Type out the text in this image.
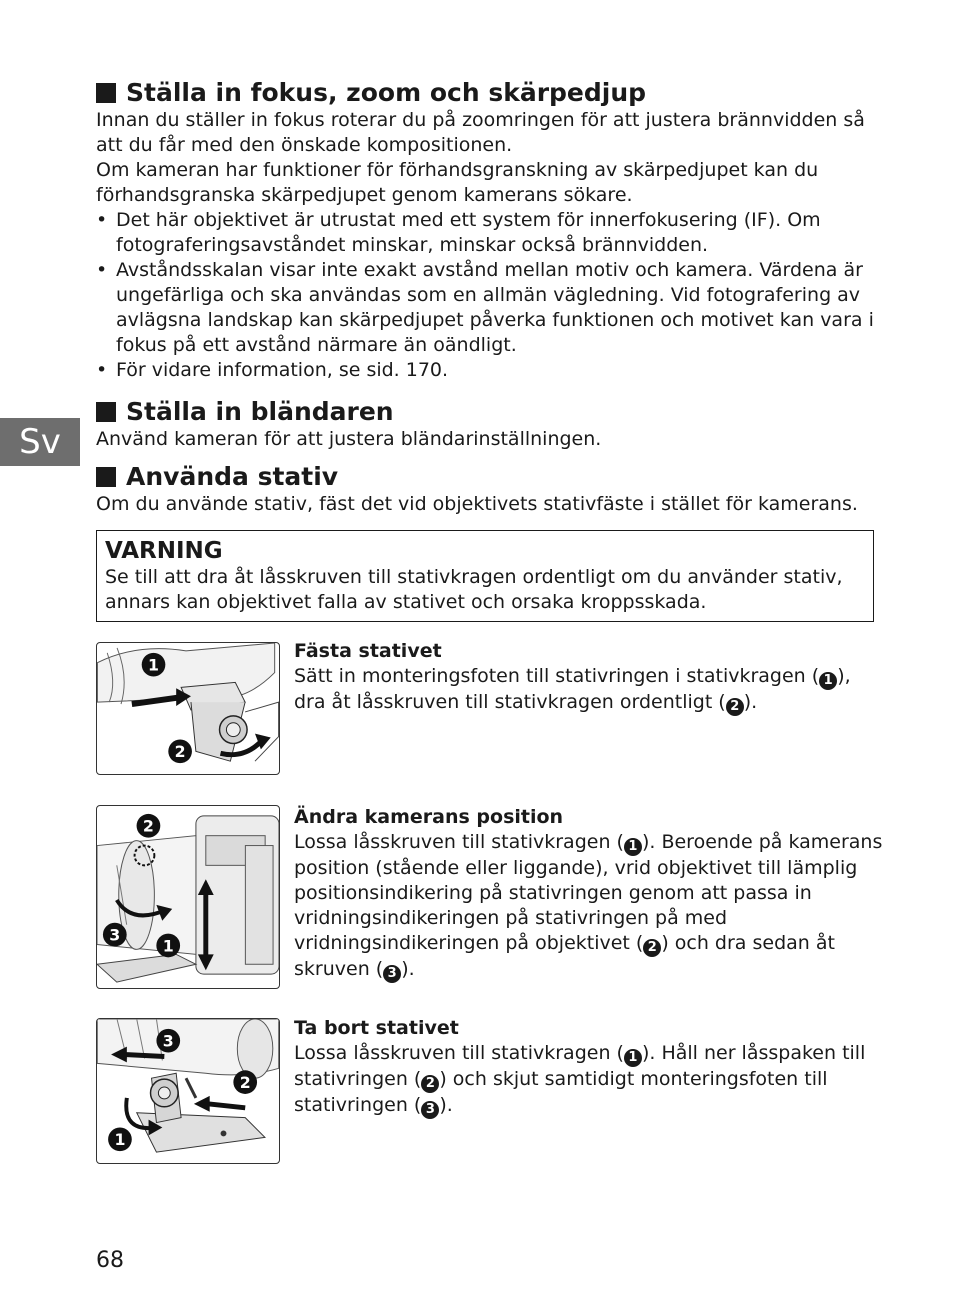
Sv
Ställa in fokus, zoom och skärpedjup

Innan du ställer in fokus roterar du på zoomringen för att justera brännvidden så att du får med den önskade kompositionen.

Om kameran har funktioner för förhandsgranskning av skärpedjupet kan du förhandsgranska skärpedjupet genom kamerans sökare.

• Det här objektivet är utrustat med ett system för innerfokusering (IF). Om fotograferingsavståndet minskar, minskar också brännvidden.
• Avståndsskalan visar inte exakt avstånd mellan motiv och kamera. Värdena är ungefärliga och ska användas som en allmän vägledning. Vid fotografering av avlägsna landskap kan skärpedjupet påverka funktionen och motivet kan vara i fokus på ett avstånd närmare än oändligt.
• För vidare information, se sid. 170.
Ställa in bländaren

Använd kameran för att justera bländarinställningen.

Använda stativ

Om du använde stativ, fäst det vid objektivets stativfäste i stället för kamerans.

VARNING

Se till att dra åt låsskruven till stativkragen ordentligt om du använder stativ, annars kan objektivet falla av stativet och orsaka kroppsskada.

1
2
Fästa stativet

Sätt in monteringsfoten till stativringen i stativkragen ( 1 ), dra åt låsskruven till stativkragen ordentligt ( 2 ).

2
3
1
Ändra kamerans position

Lossa låsskruven till stativkragen ( 1 ). Beroende på kamerans position (stående eller liggande), vrid objektivet till lämplig positionsindikering på stativringen genom att passa in vridningsindikeringen på stativringen på med vridningsindikeringen på objektivet ( 2 ) och dra sedan åt skruven ( 3 ).

3
2
1
Ta bort stativet

Lossa låsskruven till stativkragen ( 1 ). Håll ner låsspaken till stativringen ( 2 ) och skjut samtidigt monteringsfoten till stativringen ( 3 ).

68
